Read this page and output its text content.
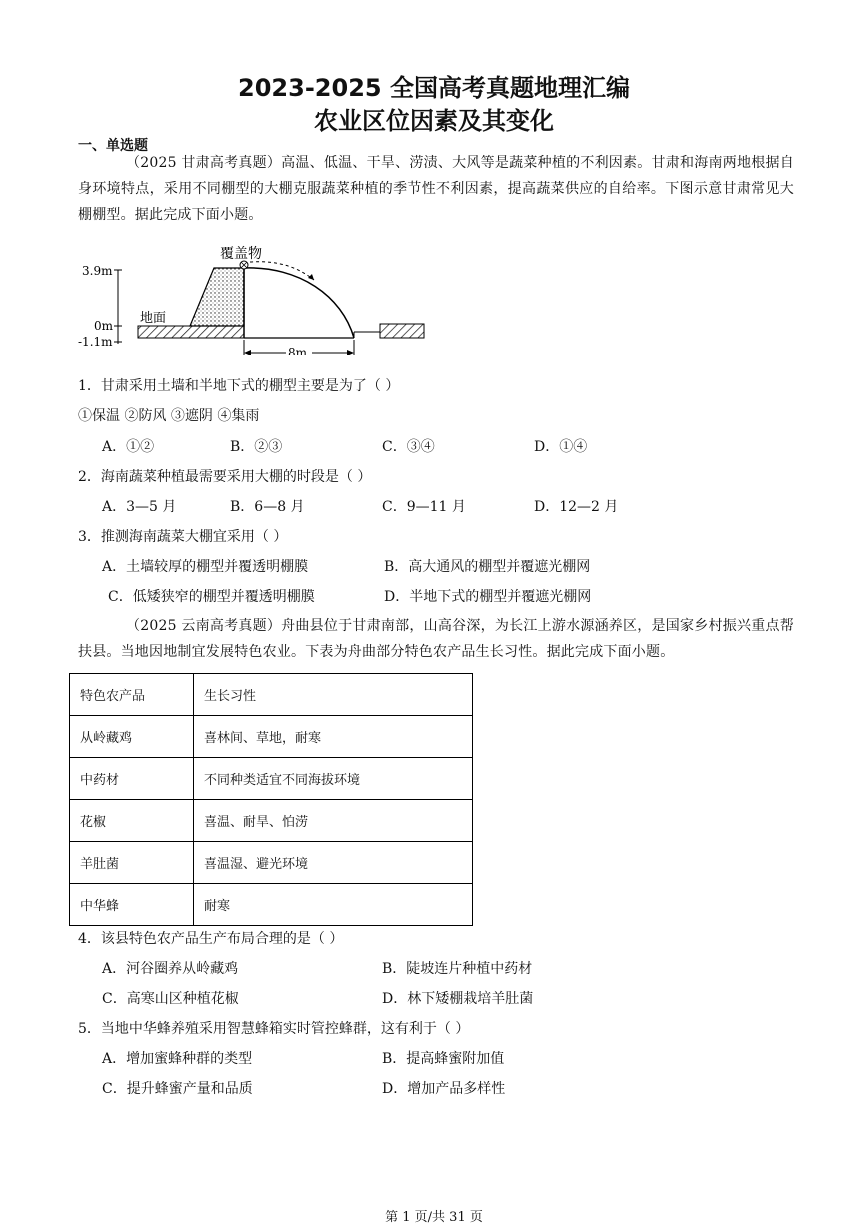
2023-2025 全国高考真题地理汇编
农业区位因素及其变化
一、单选题
（2025 甘肃高考真题）高温、低温、干旱、涝渍、大风等是蔬菜种植的不利因素。甘肃和海南两地根据自身环境特点，采用不同棚型的大棚克服蔬菜种植的季节性不利因素，提高蔬菜供应的自给率。下图示意甘肃常见大棚棚型。据此完成下面小题。
3.9m
0m
-1.1m
地面
覆盖物
8m
1．甘肃采用土墙和半地下式的棚型主要是为了（ ）
①保温 ②防风 ③遮阴 ④集雨
A．①②	B．②③	C．③④	D．①④
2．海南蔬菜种植最需要采用大棚的时段是（ ）
A．3—5 月	B．6—8 月	C．9—11 月	D．12—2 月
3．推测海南蔬菜大棚宜采用（ ）
A．土墙较厚的棚型并覆透明棚膜	B．高大通风的棚型并覆遮光棚网
C．低矮狭窄的棚型并覆透明棚膜	D．半地下式的棚型并覆遮光棚网
（2025 云南高考真题）舟曲县位于甘肃南部，山高谷深，为长江上游水源涵养区，是国家乡村振兴重点帮扶县。当地因地制宜发展特色农业。下表为舟曲部分特色农产品生长习性。据此完成下面小题。
特色农产品	生长习性
从岭藏鸡	喜林间、草地，耐寒
中药材	不同种类适宜不同海拔环境
花椒	喜温、耐旱、怕涝
羊肚菌	喜温湿、避光环境
中华蜂	耐寒
4．该县特色农产品生产布局合理的是（ ）
A．河谷圈养从岭藏鸡	B．陡坡连片种植中药材
C．高寒山区种植花椒	D．林下矮棚栽培羊肚菌
5．当地中华蜂养殖采用智慧蜂箱实时管控蜂群，这有利于（ ）
A．增加蜜蜂种群的类型	B．提高蜂蜜附加值
C．提升蜂蜜产量和品质	D．增加产品多样性
第 1 页/共 31 页
